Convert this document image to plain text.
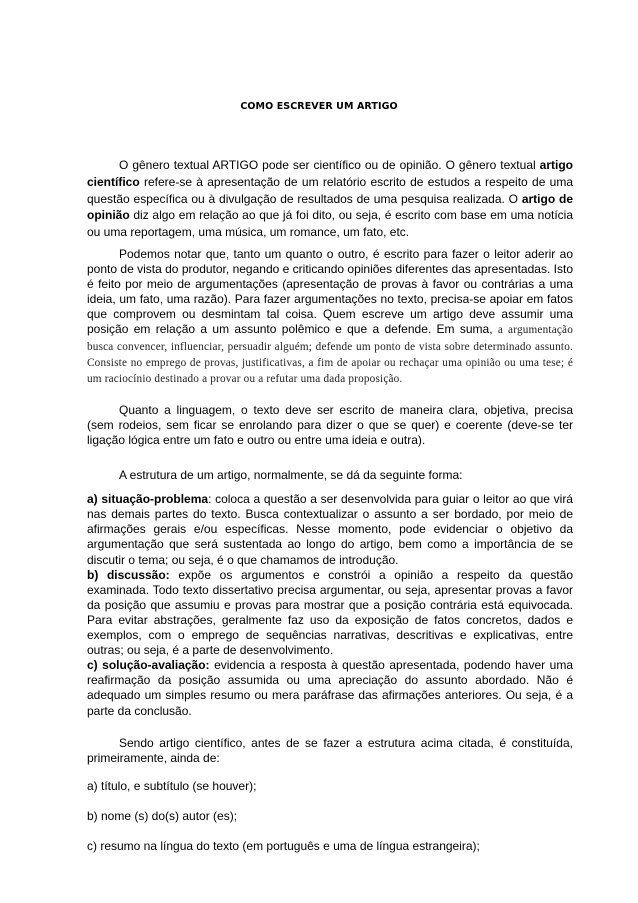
COMO ESCREVER UM ARTIGO

O gênero textual ARTIGO pode ser científico ou de opinião. O gênero textual artigo científico refere-se à apresentação de um relatório escrito de estudos a respeito de uma questão específica ou à divulgação de resultados de uma pesquisa realizada. O artigo de opinião diz algo em relação ao que já foi dito, ou seja, é escrito com base em uma notícia ou uma reportagem, uma música, um romance, um fato, etc.

Podemos notar que, tanto um quanto o outro, é escrito para fazer o leitor aderir ao ponto de vista do produtor, negando e criticando opiniões diferentes das apresentadas. Isto é feito por meio de argumentações (apresentação de provas à favor ou contrárias a uma ideia, um fato, uma razão). Para fazer argumentações no texto, precisa-se apoiar em fatos que comprovem ou desmintam tal coisa. Quem escreve um artigo deve assumir uma posição em relação a um assunto polêmico e que a defende. Em suma, a argumentação busca convencer, influenciar, persuadir alguém; defende um ponto de vista sobre determinado assunto. Consiste no emprego de provas, justificativas, a fim de apoiar ou rechaçar uma opinião ou uma tese; é um raciocínio destinado a provar ou a refutar uma dada proposição.

Quanto a linguagem, o texto deve ser escrito de maneira clara, objetiva, precisa (sem rodeios, sem ficar se enrolando para dizer o que se quer) e coerente (deve-se ter ligação lógica entre um fato e outro ou entre uma ideia e outra).

A estrutura de um artigo, normalmente, se dá da seguinte forma:

a) situação-problema: coloca a questão a ser desenvolvida para guiar o leitor ao que virá nas demais partes do texto. Busca contextualizar o assunto a ser bordado, por meio de afirmações gerais e/ou específicas. Nesse momento, pode evidenciar o objetivo da argumentação que será sustentada ao longo do artigo, bem como a importância de se discutir o tema; ou seja, é o que chamamos de introdução.

b) discussão: expõe os argumentos e constrói a opinião a respeito da questão examinada. Todo texto dissertativo precisa argumentar, ou seja, apresentar provas a favor da posição que assumiu e provas para mostrar que a posição contrária está equivocada. Para evitar abstrações, geralmente faz uso da exposição de fatos concretos, dados e exemplos, com o emprego de sequências narrativas, descritivas e explicativas, entre outras; ou seja, é a parte de desenvolvimento.

c) solução-avaliação: evidencia a resposta à questão apresentada, podendo haver uma reafirmação da posição assumida ou uma apreciação do assunto abordado. Não é adequado um simples resumo ou mera paráfrase das afirmações anteriores. Ou seja, é a parte da conclusão.

Sendo artigo científico, antes de se fazer a estrutura acima citada, é constituída, primeiramente, ainda de:

a) título, e subtítulo (se houver);

b) nome (s) do(s) autor (es);

c) resumo na língua do texto (em português e uma de língua estrangeira);
